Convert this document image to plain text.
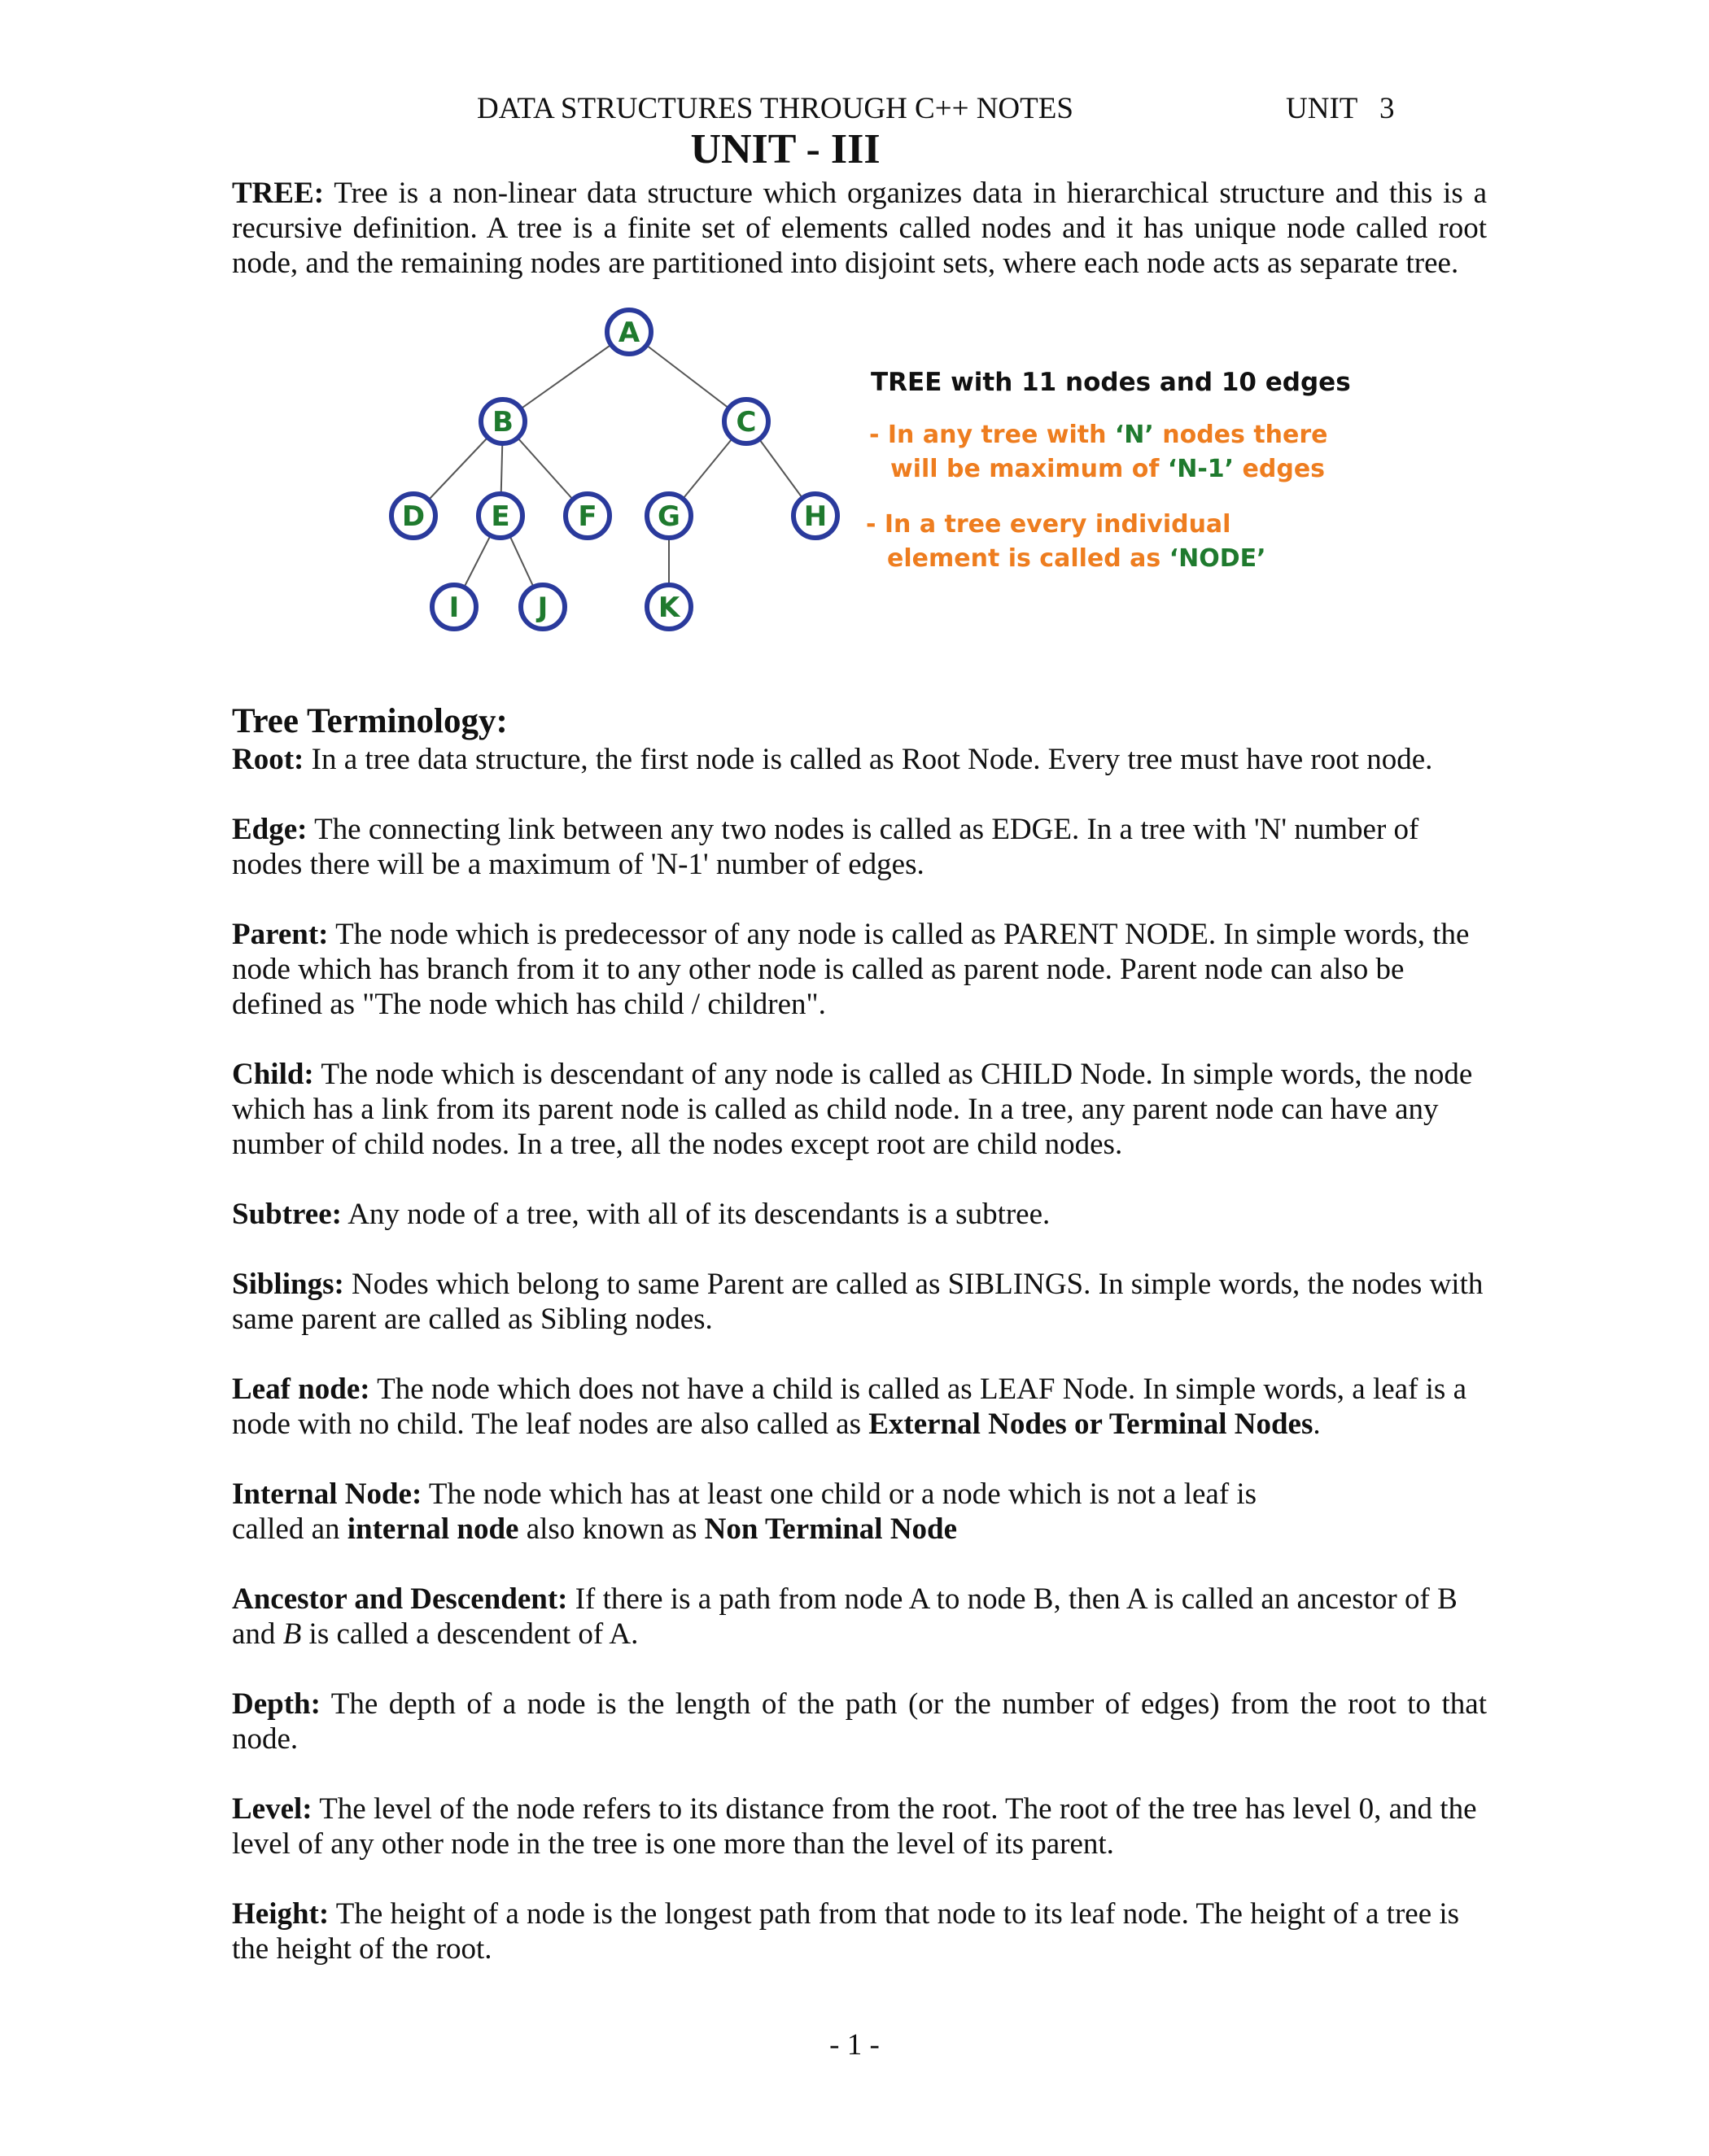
DATA STRUCTURES THROUGH C++ NOTES	UNIT 3
UNIT - III
TREE: Tree is a non-linear data structure which organizes data in hierarchical structure and this is a recursive definition. A tree is a finite set of elements called nodes and it has unique node called root node, and the remaining nodes are partitioned into disjoint sets, where each node acts as separate tree.
A
B	C
D E F G	H
I	J	K
TREE with 11 nodes and 10 edges
- In any tree with ‘N’ nodes there
will be maximum of ‘N-1’ edges
- In a tree every individual
element is called as ‘NODE’
Tree Terminology:

Root: In a tree data structure, the first node is called as Root Node. Every tree must have root node.

Edge: The connecting link between any two nodes is called as EDGE. In a tree with 'N' number of nodes there will be a maximum of 'N-1' number of edges.

Parent: The node which is predecessor of any node is called as PARENT NODE. In simple words, the node which has branch from it to any other node is called as parent node. Parent node can also be defined as "The node which has child / children".

Child: The node which is descendant of any node is called as CHILD Node. In simple words, the node which has a link from its parent node is called as child node. In a tree, any parent node can have any number of child nodes. In a tree, all the nodes except root are child nodes.

Subtree: Any node of a tree, with all of its descendants is a subtree.

Siblings: Nodes which belong to same Parent are called as SIBLINGS. In simple words, the nodes with same parent are called as Sibling nodes.

Leaf node: The node which does not have a child is called as LEAF Node. In simple words, a leaf is a node with no child. The leaf nodes are also called as External Nodes or Terminal Nodes.

Internal Node: The node which has at least one child or a node which is not a leaf is
called an internal node also known as Non Terminal Node

Ancestor and Descendent: If there is a path from node A to node B, then A is called an ancestor of B and B is called a descendent of A.

Depth: The depth of a node is the length of the path (or the number of edges) from the root to that node.

Level: The level of the node refers to its distance from the root. The root of the tree has level 0, and the level of any other node in the tree is one more than the level of its parent.

Height: The height of a node is the longest path from that node to its leaf node. The height of a tree is the height of the root.

- 1 -
